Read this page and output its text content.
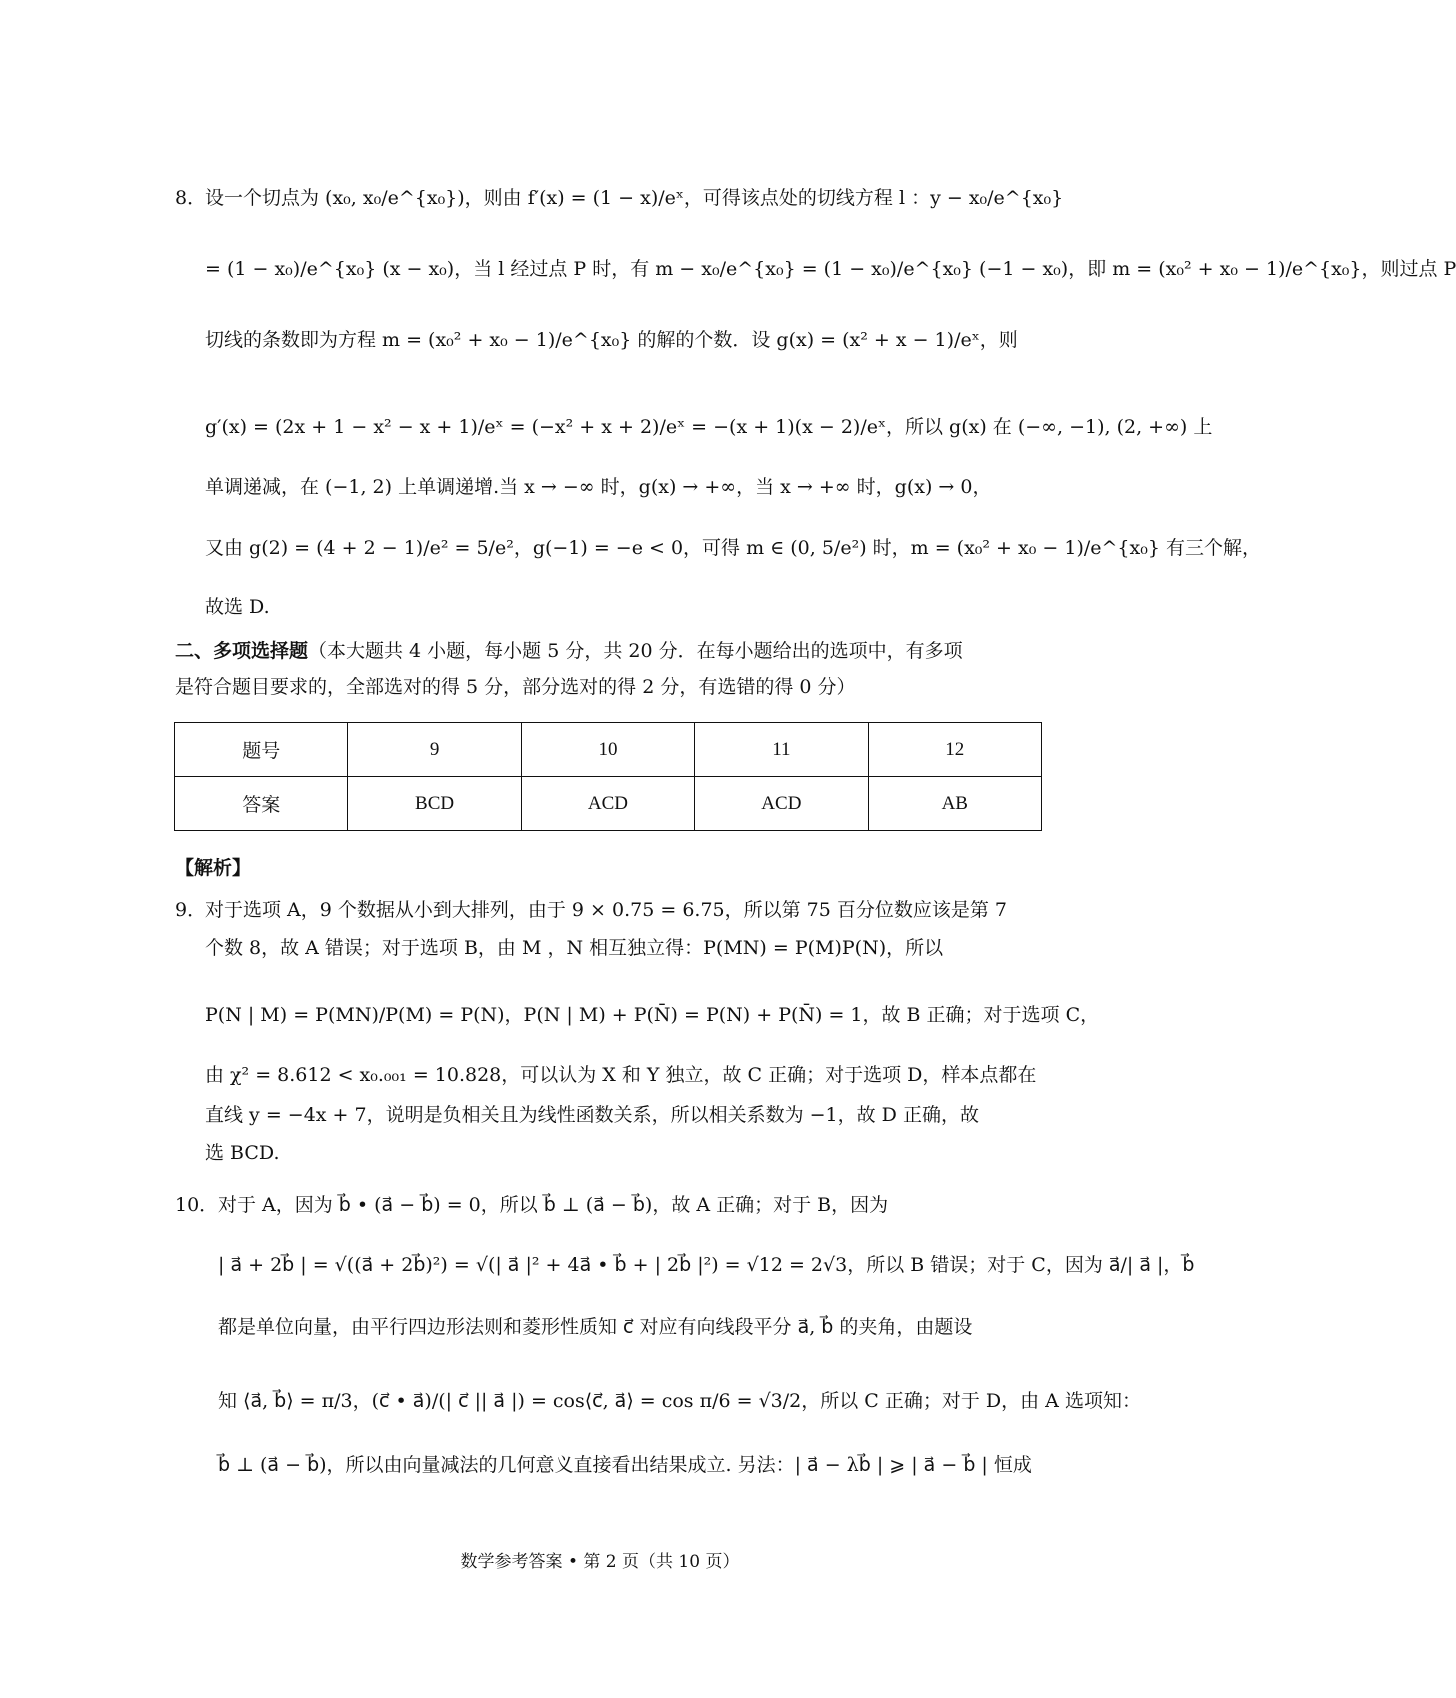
8．
设一个切点为 (x₀, x₀/e^{x₀})，则由 f′(x) = (1 − x)/eˣ，可得该点处的切线方程 l ：y − x₀/e^{x₀}
= (1 − x₀)/e^{x₀} (x − x₀)，当 l 经过点 P 时，有 m − x₀/e^{x₀} = (1 − x₀)/e^{x₀} (−1 − x₀)，即 m = (x₀² + x₀ − 1)/e^{x₀}，则过点 P
切线的条数即为方程 m = (x₀² + x₀ − 1)/e^{x₀} 的解的个数．设 g(x) = (x² + x − 1)/eˣ，则
g′(x) = (2x + 1 − x² − x + 1)/eˣ = (−x² + x + 2)/eˣ = −(x + 1)(x − 2)/eˣ，所以 g(x) 在 (−∞, −1), (2, +∞) 上
单调递减，在 (−1, 2) 上单调递增.当 x → −∞ 时，g(x) → +∞，当 x → +∞ 时，g(x) → 0，
又由 g(2) = (4 + 2 − 1)/e² = 5/e²，g(−1) = −e < 0，可得 m ∈ (0, 5/e²) 时，m = (x₀² + x₀ − 1)/e^{x₀} 有三个解，
故选 D.
二、多项选择题（本大题共 4 小题，每小题 5 分，共 20 分．在每小题给出的选项中，有多项
是符合题目要求的，全部选对的得 5 分，部分选对的得 2 分，有选错的得 0 分）
题号	9	10	11	12
答案	BCD	ACD	ACD	AB
【解析】
9．
对于选项 A，9 个数据从小到大排列，由于 9 × 0.75 = 6.75，所以第 75 百分位数应该是第 7
个数 8，故 A 错误；对于选项 B，由 M ，N 相互独立得：P(MN) = P(M)P(N)，所以
P(N | M) = P(MN)/P(M) = P(N)，P(N | M) + P(N̄) = P(N) + P(N̄) = 1，故 B 正确；对于选项 C，
由 χ² = 8.612 < x₀.₀₀₁ = 10.828，可以认为 X 和 Y 独立，故 C 正确；对于选项 D，样本点都在
直线 y = −4x + 7，说明是负相关且为线性函数关系，所以相关系数为 −1，故 D 正确，故
选 BCD.
10． 对于 A，因为 b⃗ • (a⃗ − b⃗) = 0，所以 b⃗ ⊥ (a⃗ − b⃗)，故 A 正确；对于 B，因为
| a⃗ + 2b⃗ | = √((a⃗ + 2b⃗)²) = √(| a⃗ |² + 4a⃗ • b⃗ + | 2b⃗ |²) = √12 = 2√3，所以 B 错误；对于 C，因为 a⃗/| a⃗ |，b⃗
都是单位向量，由平行四边形法则和菱形性质知 c⃗ 对应有向线段平分 a⃗, b⃗ 的夹角，由题设
知 ⟨a⃗, b⃗⟩ = π/3，(c⃗ • a⃗)/(| c⃗ || a⃗ |) = cos⟨c⃗, a⃗⟩ = cos π/6 = √3/2，所以 C 正确；对于 D，由 A 选项知：
b⃗ ⊥ (a⃗ − b⃗)，所以由向量减法的几何意义直接看出结果成立. 另法：| a⃗ − λb⃗ | ⩾ | a⃗ − b⃗ | 恒成
数学参考答案 • 第 2 页（共 10 页）
